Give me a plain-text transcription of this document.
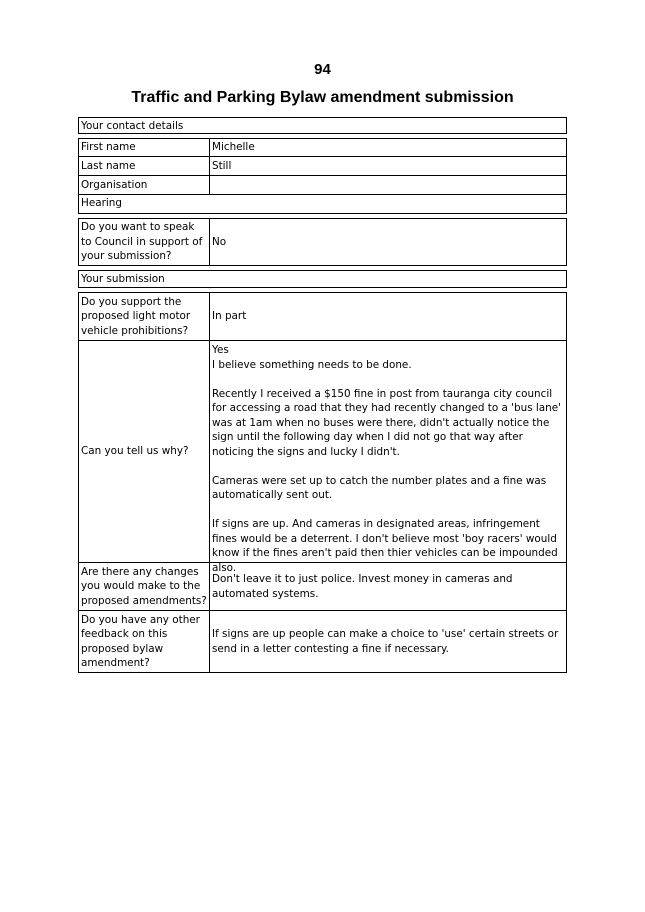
94
Traffic and Parking Bylaw amendment submission
Your contact details
First name	Michelle
Last name	Still
Organisation
Hearing
Do you want to speak to Council in support of your submission?
No
Your submission
Do you support the proposed light motor vehicle prohibitions?
In part
Can you tell us why?
Yes
I believe something needs to be done.

Recently I received a $150 fine in post from tauranga city council for accessing a road that they had recently changed to a 'bus lane' was at 1am when no buses were there, didn't actually notice the sign until the following day when I did not go that way after noticing the signs and lucky I didn't.

Cameras were set up to catch the number plates and a fine was automatically sent out.

If signs are up. And cameras in designated areas, infringement fines would be a deterrent. I don't believe most 'boy racers' would know if the fines aren't paid then thier vehicles can be impounded also.
Are there any changes you would make to the proposed amendments?
Don't leave it to just police. Invest money in cameras and automated systems.
Do you have any other feedback on this proposed bylaw amendment?
If signs are up people can make a choice to 'use' certain streets or send in a letter contesting a fine if necessary.
